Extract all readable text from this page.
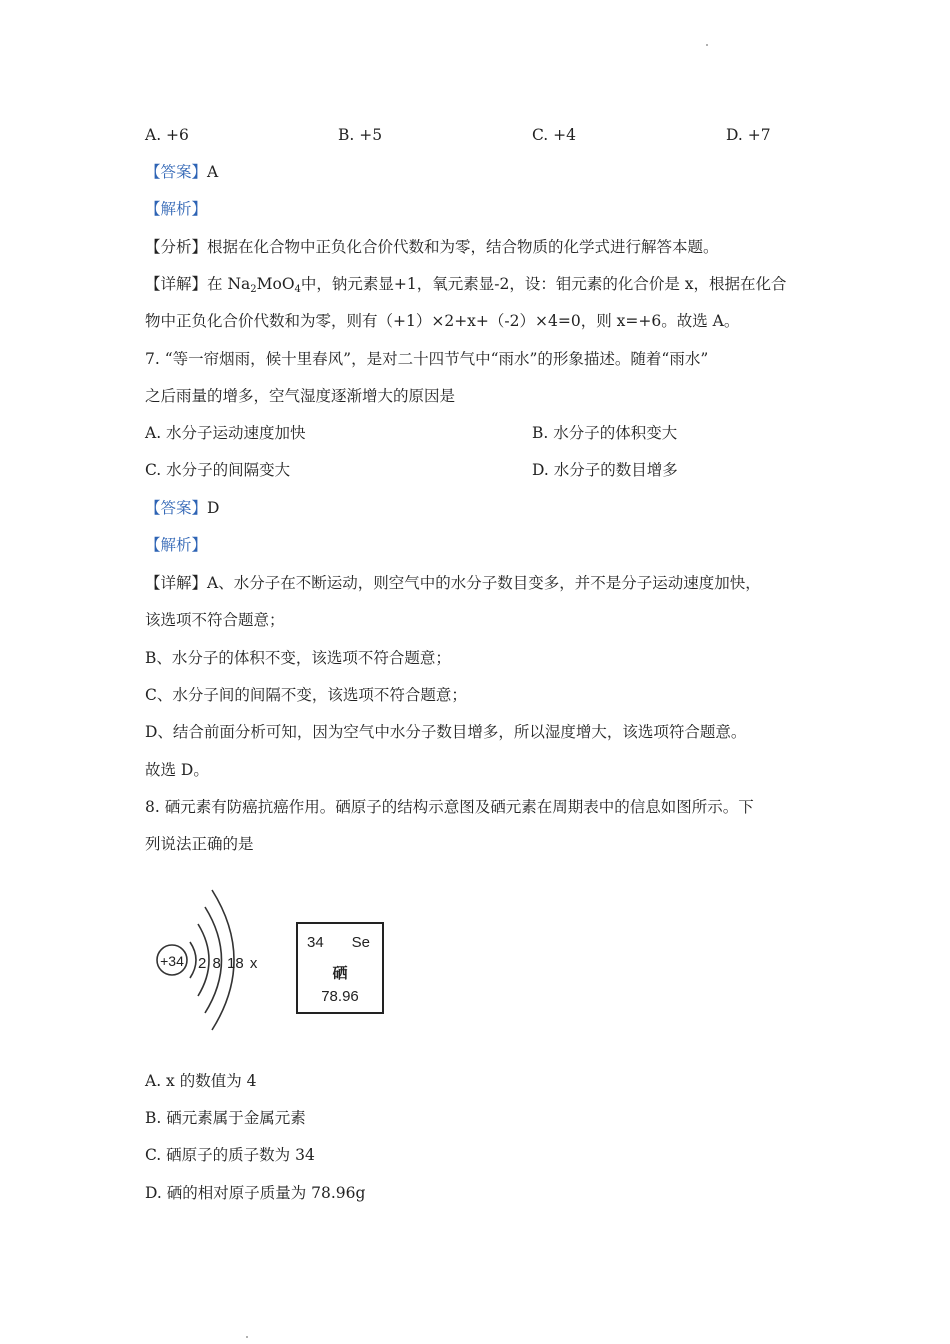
A. +6	B. +5	C. +4	D. +7
【答案】A
【解析】
【分析】根据在化合物中正负化合价代数和为零，结合物质的化学式进行解答本题。
【详解】在 $Na_2MoO_4$中，钠元素显+1，氧元素显-2，设：钼元素的化合价是 x，根据在化合
物中正负化合价代数和为零，则有（+1）×2+x+（-2）×4=0，则 x=+6。故选 A。
7. “等一帘烟雨，候十里春风”，是对二十四节气中“雨水”的形象描述。随着“雨水”
之后雨量的增多，空气湿度逐渐增大的原因是
A. 水分子运动速度加快	B. 水分子的体积变大
C. 水分子的间隔变大	D. 水分子的数目增多
【答案】D
【解析】
【详解】A、水分子在不断运动，则空气中的水分子数目变多，并不是分子运动速度加快，
该选项不符合题意；
B、水分子的体积不变，该选项不符合题意；
C、水分子间的间隔不变，该选项不符合题意；
D、结合前面分析可知，因为空气中水分子数目增多，所以湿度增大，该选项符合题意。
故选 D。
8. 硒元素有防癌抗癌作用。硒原子的结构示意图及硒元素在周期表中的信息如图所示。下
列说法正确的是
+34 2 8 18 x
34 Se
硒
78.96
A. x 的数值为 4
B. 硒元素属于金属元素
C. 硒原子的质子数为 34
D. 硒的相对原子质量为 78.96g
